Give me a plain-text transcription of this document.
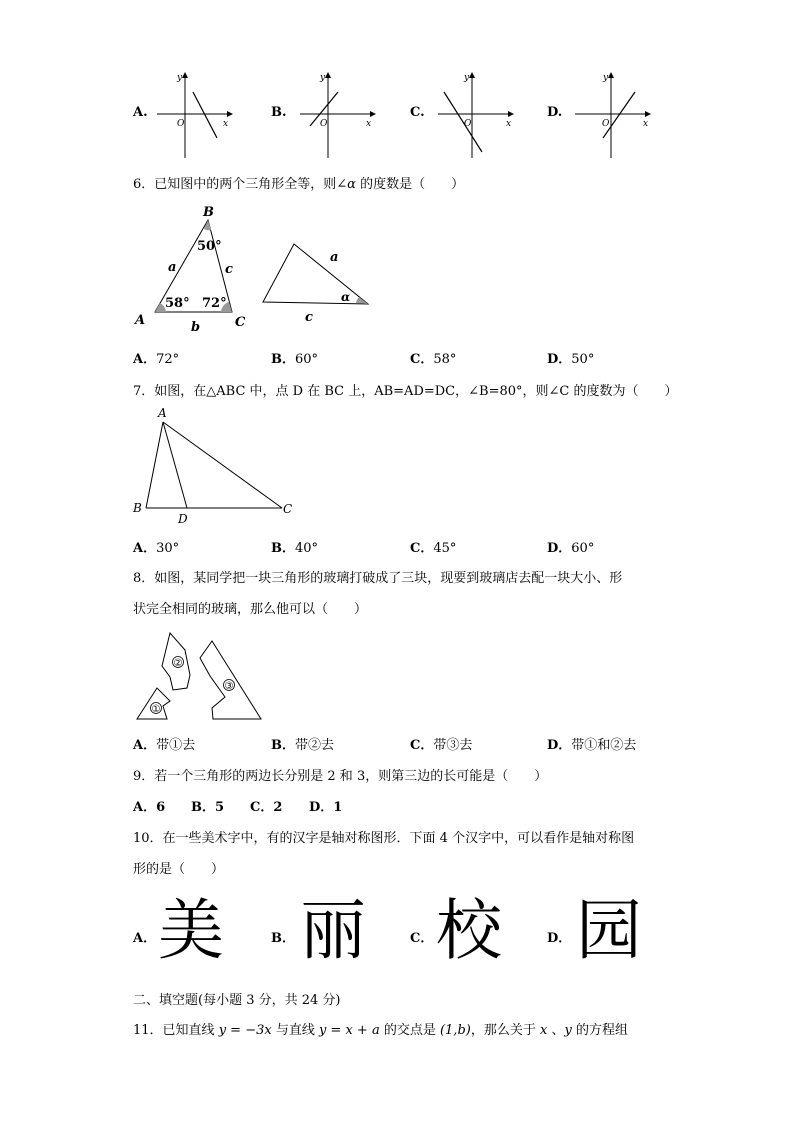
A.
y
x
O
B.
y
x
O
C.
y
x
O
D.
y
x
O
6．已知图中的两个三角形全等，则∠α 的度数是（　　）
B
A	C
a
b
c
50°
58° 72°
a
c
α
A．72°	B．60°	C．58°	D．50°
7．如图，在△ABC 中，点 D 在 BC 上，AB=AD=DC，∠B=80°，则∠C 的度数为（　　）
A
B
D
C
A．30°	B．40°	C．45°	D．60°
8．如图，某同学把一块三角形的玻璃打破成了三块，现要到玻璃店去配一块大小、形
状完全相同的玻璃，那么他可以（　　）
①
②
③
A．带①去	B．带②去	C．带③去	D．带①和②去
9．若一个三角形的两边长分别是 2 和 3，则第三边的长可能是（　　）
A．6 B．5 C．2 D．1
10．在一些美术字中，有的汉字是轴对称图形．下面 4 个汉字中，可以看作是轴对称图
形的是（　　）
A． 美	B． 丽	C． 校	D． 园
二、填空题(每小题 3 分，共 24 分)
11．已知直线 y = −3x 与直线 y = x + a 的交点是 (1,b)，那么关于 x 、y 的方程组
